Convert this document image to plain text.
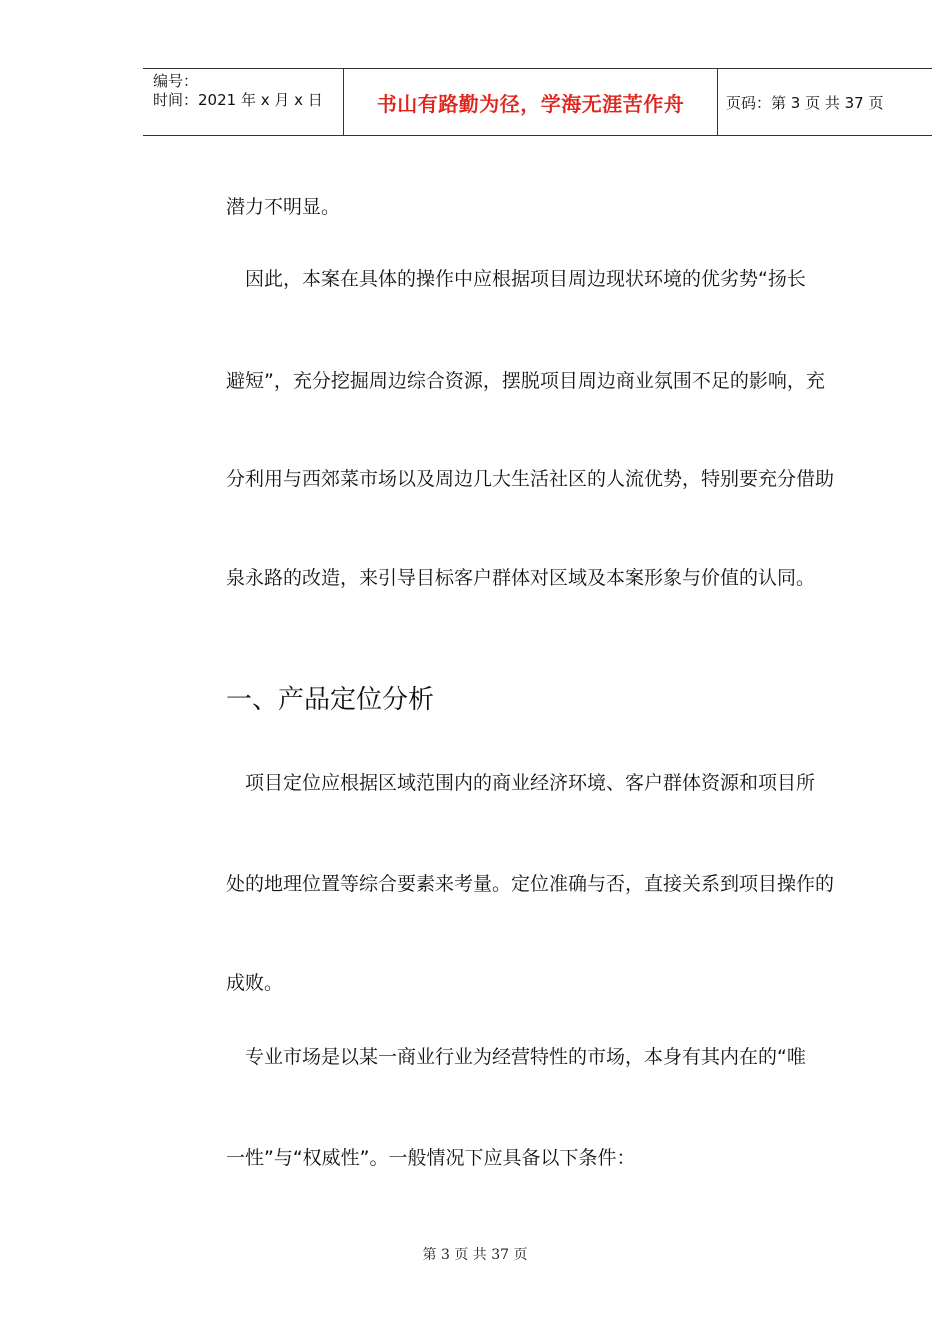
编号：
时间：2021 年 x 月 x 日	书山有路勤为径，学海无涯苦作舟	页码：第 3 页 共 37 页
潜力不明显。
　因此，本案在具体的操作中应根据项目周边现状环境的优劣势“扬长
避短”，充分挖掘周边综合资源，摆脱项目周边商业氛围不足的影响，充
分利用与西郊菜市场以及周边几大生活社区的人流优势，特别要充分借助
泉永路的改造，来引导目标客户群体对区域及本案形象与价值的认同。
一、产品定位分析
　项目定位应根据区域范围内的商业经济环境、客户群体资源和项目所
处的地理位置等综合要素来考量。定位准确与否，直接关系到项目操作的
成败。
　专业市场是以某一商业行业为经营特性的市场，本身有其内在的“唯
一性”与“权威性”。一般情况下应具备以下条件：
第 3 页 共 37 页
